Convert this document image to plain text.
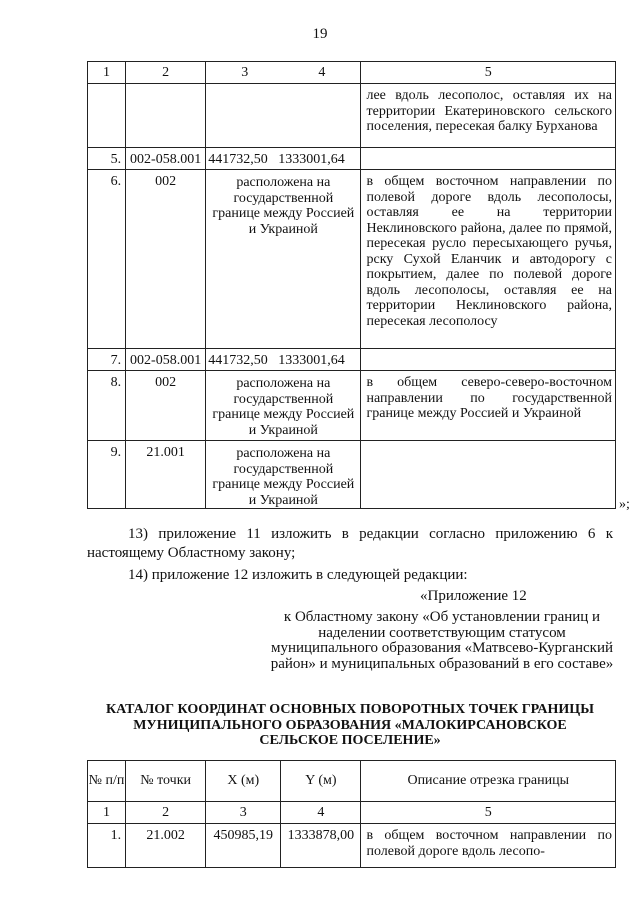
19
1	2	3 4	5
			лее вдоль лесополос, оставляя их на территории Екатериновского сельского поселения, пересекая балку Бурханова
5.	002-058.001	441732,50 1333001,64	
6.	002	расположена на государственной границе между Россией и Украиной	в общем восточном направлении по полевой дороге вдоль лесополосы, оставляя ее на территории Неклиновского района, далее по прямой, пересекая русло пересыхающего ручья, рску Сухой Еланчик и автодорогу с покрытием, далее по полевой дороге вдоль лесополосы, оставляя ее на территории Неклиновского района, пересекая лесополосу
7.	002-058.001	441732,50 1333001,64	
8.	002	расположена на государственной границе между Россией и Украиной	в общем северо-северо-восточном направлении по государственной границе между Россией и Украиной
9.	21.001	расположена на государственной границе между Россией и Украиной		»;
13) приложение 11 изложить в редакции согласно приложению 6 к настоящему Областному закону;
14) приложение 12 изложить в следующей редакции:
«Приложение 12
к Областному закону «Об установлении границ и наделении соответствующим статусом муниципального образования «Матвсево-Курганский район» и муниципальных образований в его составе»
КАТАЛОГ КООРДИНАТ ОСНОВНЫХ ПОВОРОТНЫХ ТОЧЕК ГРАНИЦЫ МУНИЦИПАЛЬНОГО ОБРАЗОВАНИЯ «МАЛОКИРСАНОВСКОЕ СЕЛЬСКОЕ ПОСЕЛЕНИЕ»
№ п/п	№ точки	X (м)	Y (м)	Описание отрезка границы
1	2	3	4	5
1.	21.002	450985,19	1333878,00	в общем восточном направлении по полевой дороге вдоль лесопо-
